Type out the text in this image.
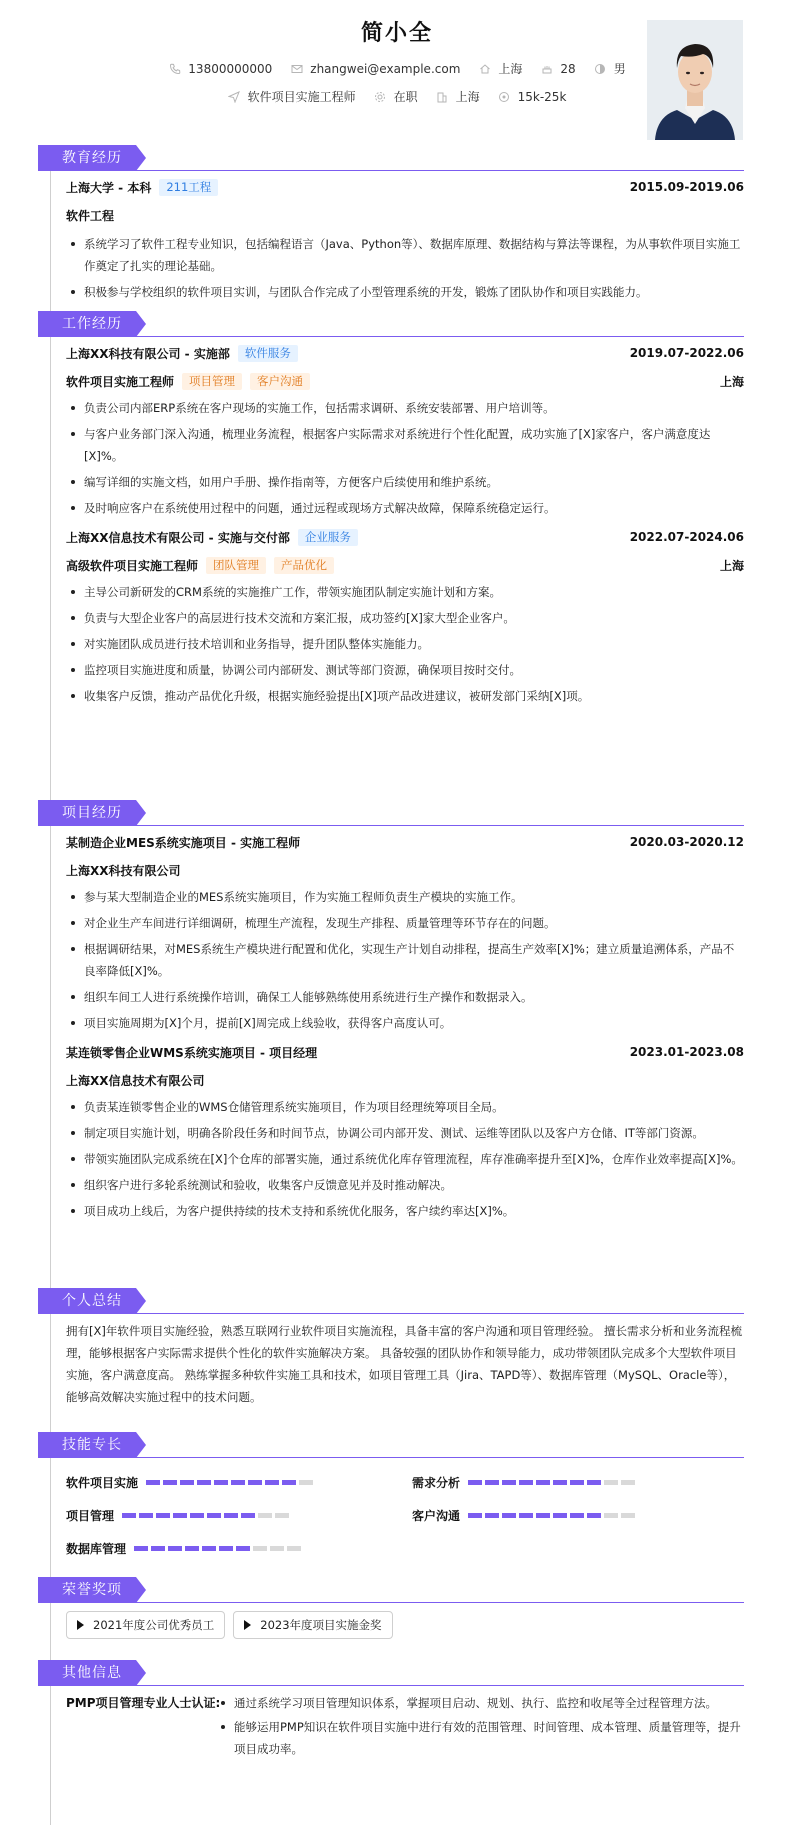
简小全
13800000000	zhangwei@example.com	上海	28	男
软件项目实施工程师	在职	上海	15k-25k
教育经历
上海大学 - 本科	211工程	2015.09-2019.06
软件工程
系统学习了软件工程专业知识，包括编程语言（Java、Python等）、数据库原理、数据结构与算法等课程，为从事软件项目实施工作奠定了扎实的理论基础。
积极参与学校组织的软件项目实训，与团队合作完成了小型管理系统的开发，锻炼了团队协作和项目实践能力。
工作经历
上海XX科技有限公司 - 实施部	软件服务	2019.07-2022.06
软件项目实施工程师	项目管理	客户沟通	上海
负责公司内部ERP系统在客户现场的实施工作，包括需求调研、系统安装部署、用户培训等。
与客户业务部门深入沟通，梳理业务流程，根据客户实际需求对系统进行个性化配置，成功实施了[X]家客户，客户满意度达[X]%。
编写详细的实施文档，如用户手册、操作指南等，方便客户后续使用和维护系统。
及时响应客户在系统使用过程中的问题，通过远程或现场方式解决故障，保障系统稳定运行。
上海XX信息技术有限公司 - 实施与交付部	企业服务	2022.07-2024.06
高级软件项目实施工程师	团队管理	产品优化	上海
主导公司新研发的CRM系统的实施推广工作，带领实施团队制定实施计划和方案。
负责与大型企业客户的高层进行技术交流和方案汇报，成功签约[X]家大型企业客户。
对实施团队成员进行技术培训和业务指导，提升团队整体实施能力。
监控项目实施进度和质量，协调公司内部研发、测试等部门资源，确保项目按时交付。
收集客户反馈，推动产品优化升级，根据实施经验提出[X]项产品改进建议，被研发部门采纳[X]项。
项目经历
某制造企业MES系统实施项目 - 实施工程师	2020.03-2020.12
上海XX科技有限公司
参与某大型制造企业的MES系统实施项目，作为实施工程师负责生产模块的实施工作。
对企业生产车间进行详细调研，梳理生产流程，发现生产排程、质量管理等环节存在的问题。
根据调研结果，对MES系统生产模块进行配置和优化，实现生产计划自动排程，提高生产效率[X]%；建立质量追溯体系，产品不良率降低[X]%。
组织车间工人进行系统操作培训，确保工人能够熟练使用系统进行生产操作和数据录入。
项目实施周期为[X]个月，提前[X]周完成上线验收，获得客户高度认可。
某连锁零售企业WMS系统实施项目 - 项目经理	2023.01-2023.08
上海XX信息技术有限公司
负责某连锁零售企业的WMS仓储管理系统实施项目，作为项目经理统筹项目全局。
制定项目实施计划，明确各阶段任务和时间节点，协调公司内部开发、测试、运维等团队以及客户方仓储、IT等部门资源。
带领实施团队完成系统在[X]个仓库的部署实施，通过系统优化库存管理流程，库存准确率提升至[X]%，仓库作业效率提高[X]%。
组织客户进行多轮系统测试和验收，收集客户反馈意见并及时推动解决。
项目成功上线后，为客户提供持续的技术支持和系统优化服务，客户续约率达[X]%。
个人总结

拥有[X]年软件项目实施经验，熟悉互联网行业软件项目实施流程，具备丰富的客户沟通和项目管理经验。 擅长需求分析和业务流程梳理，能够根据客户实际需求提供个性化的软件实施解决方案。 具备较强的团队协作和领导能力，成功带领团队完成多个大型软件项目实施，客户满意度高。 熟练掌握多种软件实施工具和技术，如项目管理工具（Jira、TAPD等）、数据库管理（MySQL、Oracle等），能够高效解决实施过程中的技术问题。

技能专长
软件项目实施	需求分析
项目管理	客户沟通
数据库管理
荣誉奖项
2021年度公司优秀员工	2023年度项目实施金奖
其他信息
PMP项目管理专业人士认证:	通过系统学习项目管理知识体系，掌握项目启动、规划、执行、监控和收尾等全过程管理方法。
能够运用PMP知识在软件项目实施中进行有效的范围管理、时间管理、成本管理、质量管理等，提升项目成功率。
